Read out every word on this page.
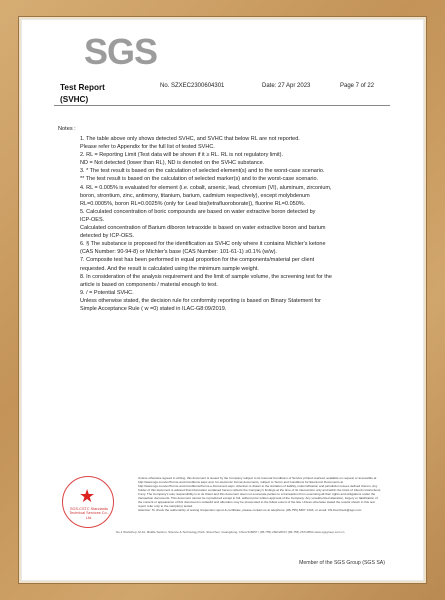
SGS
Test Report
(SVHC)
No. SZXEC2300604301	Date: 27 Apr 2023	Page 7 of 22
Notes :
1. The table above only shows detected SVHC, and SVHC that below RL are not reported.
Please refer to Appendix for the full list of tested SVHC.
2. RL = Reporting Limit (Test data will be shown if it ≥ RL. RL is not regulatory limit).
ND = Not detected (lower than RL), ND is denoted on the SVHC substance.
3. * The test result is based on the calculation of selected element(s) and to the worst-case scenario.
** The test result is based on the calculation of selected marker(s) and to the worst-case scenario.
4. RL = 0.005% is evaluated for element (i.e. cobalt, arsenic, lead, chromium (VI), aluminum, zirconium,
boron, strontium, zinc, antimony, titanium, barium, cadmium respectively), except molybdenum
RL=0.0005%, boron RL=0.0025% (only for Lead bis(tetrafluoroborate)), fluorine RL=0.050%.
5. Calculated concentration of boric compounds are based on water extractive boron detected by
ICP-OES.
Calculated concentration of Barium diboron tetraoxide is based on water extractive boron and barium
detected by ICP-OES.
6. § The substance is proposed for the identification as SVHC only where it contains Michler's ketone
(CAS Number: 90-94-8) or Michler's base (CAS Number: 101-61-1) ≥0.1% (w/w).
7. Composite test has been performed in equal proportion for the components/material per client
requested. And the result is calculated using the minimum sample weight.
8. In consideration of the analysis requirement and the limit of sample volume, the screening test for the
article is based on components / material enough to test.
9. / = Potential SVHC.
Unless otherwise stated, the decision rule for conformity reporting is based on Binary Statement for
Simple Acceptance Rule ( w =0) stated in ILAC-G8:09/2019.
★
SGS-CSTC Standards Technical Services Co., Ltd.
Unless otherwise agreed in writing, this document is issued by the Company subject to its General Conditions of Service printed overleaf, available on request or accessible at http://www.sgs.com/en/Terms-and-Conditions.aspx and, for electronic format documents, subject to Terms and Conditions for Electronic Documents at http://www.sgs.com/en/Terms-and-Conditions/Terms-e-Document.aspx. Attention is drawn to the limitation of liability, indemnification and jurisdiction issues defined therein. Any holder of this document is advised that information contained hereon reflects the Company's findings at the time of its intervention only and within the limits of Client's instructions, if any. The Company's sole responsibility is to its Client and this document does not exonerate parties to a transaction from exercising all their rights and obligations under the transaction documents. This document cannot be reproduced except in full, without prior written approval of the Company. Any unauthorized alteration, forgery or falsification of the content or appearance of this document is unlawful and offenders may be prosecuted to the fullest extent of the law. Unless otherwise stated the results shown in this test report refer only to the sample(s) tested.
Attention: To check the authenticity of testing /inspection report & certificate, please contact us at telephone: (86-755) 8307 1443, or email: CN.Doccheck@sgs.com
No.1 Workshop, M-10, Middle Section, Science & Technology Park, Shenzhen, Guangdong, China 518057 t (86-755) 26012053 f (86-755) 26710594 www.sgsgroup.com.cn
Member of the SGS Group (SGS SA)
